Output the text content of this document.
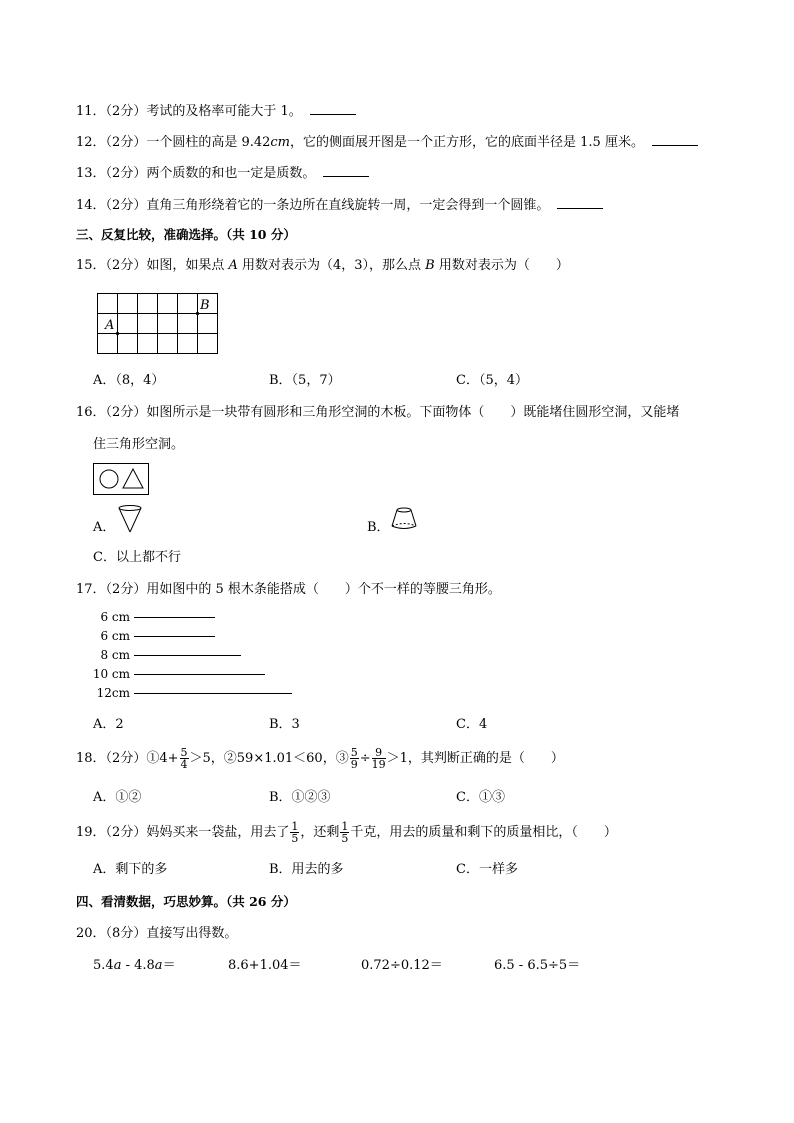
11．（2分）考试的及格率可能大于 1。
12．（2分）一个圆柱的高是 9.42cm，它的侧面展开图是一个正方形，它的底面半径是 1.5 厘米。
13．（2分）两个质数的和也一定是质数。
14．（2分）直角三角形绕着它的一条边所在直线旋转一周，一定会得到一个圆锥。
三、反复比较，准确选择。（共 10 分）
15．（2分）如图，如果点 A 用数对表示为（4，3），那么点 B 用数对表示为（　　）
A
B
A．（8，4）	B．（5，7）	C．（5，4）
16．（2分）如图所示是一块带有圆形和三角形空洞的木板。下面物体（　　）既能堵住圆形空洞，又能堵
住三角形空洞。
A．	B．
C．以上都不行
17．（2分）用如图中的 5 根木条能搭成（　　）个不一样的等腰三角形。
6 cm
6 cm
8 cm
10 cm
12cm
A．2	B．3	C．4
18．（2分）①4+ $\frac{5}{4} >5$，②59×1.01＜60，③ $\frac{5}{9} \div \frac{9}{19} >1$，其判断正确的是（　　）
A．①②	B．①②③	C．①③
19．（2分）妈妈买来一袋盐，用去了 $\frac{1}{5}$ ，还剩 $\frac{1}{5}$ 千克，用去的质量和剩下的质量相比，（　　）
A．剩下的多	B．用去的多	C．一样多
四、看清数据，巧思妙算。（共 26 分）
20．（8分）直接写出得数。
5.4a - 4.8a＝	8.6+1.04＝	0.72÷0.12＝	6.5 - 6.5÷5＝
